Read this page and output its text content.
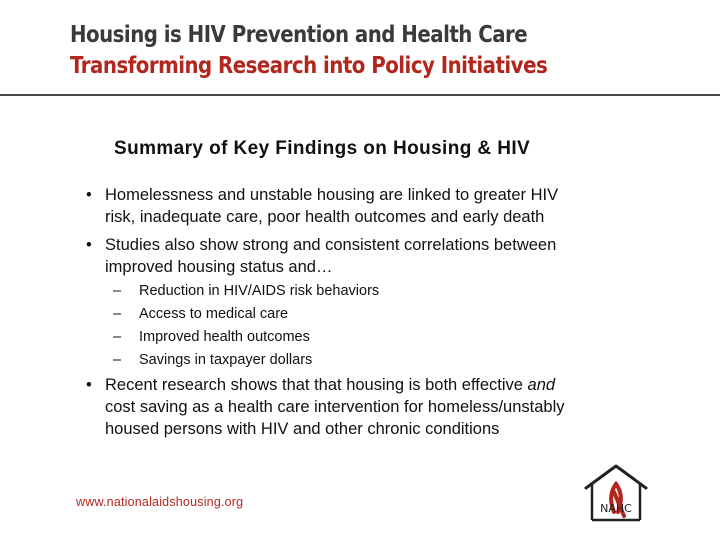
Housing is HIV Prevention and Health Care
Transforming Research into Policy Initiatives
Summary of Key Findings on Housing & HIV
• Homelessness and unstable housing are linked to greater HIV
risk, inadequate care, poor health outcomes and early death
• Studies also show strong and consistent correlations between
improved housing status and…
– Reduction in HIV/AIDS risk behaviors
– Access to medical care
– Improved health outcomes
– Savings in taxpayer dollars
• Recent research shows that that housing is both effective and
cost saving as a health care intervention for homeless/unstably
housed persons with HIV and other chronic conditions
www.nationalaidshousing.org	NAHC
